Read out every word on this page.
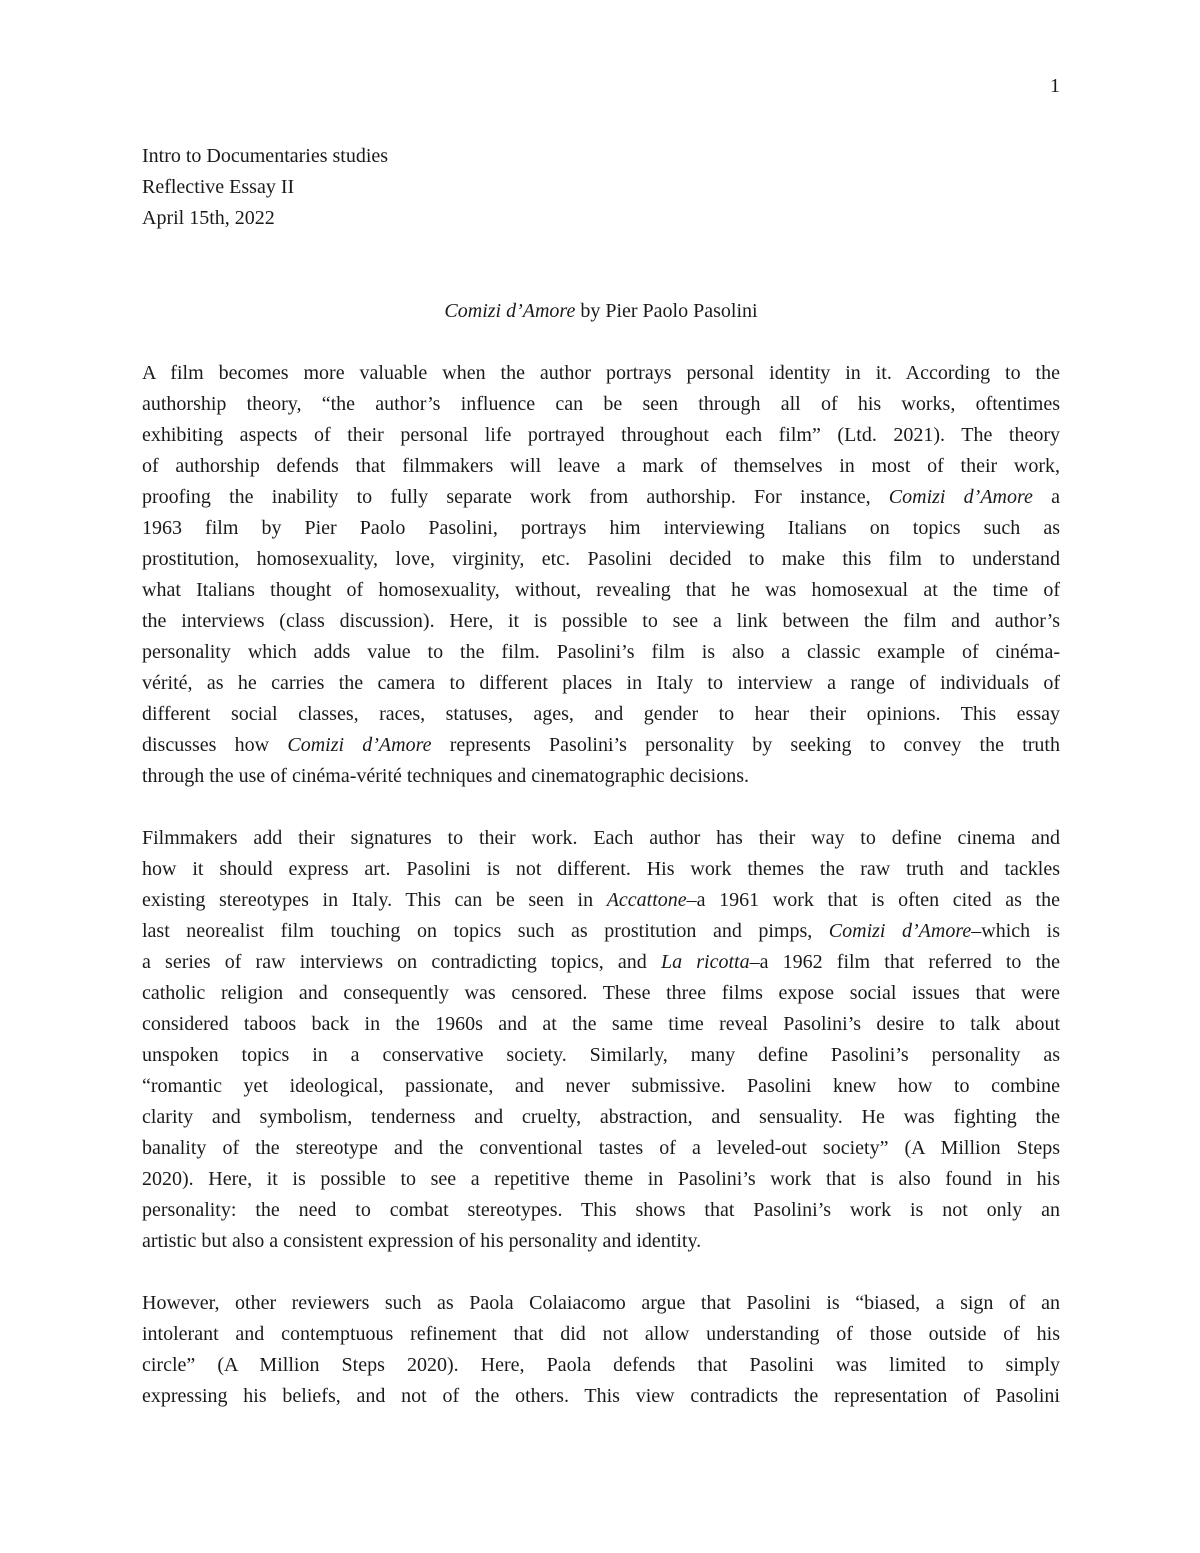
1
Intro to Documentaries studies
Reflective Essay II
April 15th, 2022
Comizi d’Amore by Pier Paolo Pasolini
A film becomes more valuable when the author portrays personal identity in it. According to the
authorship theory, “the author’s influence can be seen through all of his works, oftentimes
exhibiting aspects of their personal life portrayed throughout each film” (Ltd. 2021). The theory
of authorship defends that filmmakers will leave a mark of themselves in most of their work,
proofing the inability to fully separate work from authorship. For instance, Comizi d’Amore a
1963 film by Pier Paolo Pasolini, portrays him interviewing Italians on topics such as
prostitution, homosexuality, love, virginity, etc. Pasolini decided to make this film to understand
what Italians thought of homosexuality, without, revealing that he was homosexual at the time of
the interviews (class discussion). Here, it is possible to see a link between the film and author’s
personality which adds value to the film. Pasolini’s film is also a classic example of cinéma-
vérité, as he carries the camera to different places in Italy to interview a range of individuals of
different social classes, races, statuses, ages, and gender to hear their opinions. This essay
discusses how Comizi d’Amore represents Pasolini’s personality by seeking to convey the truth
through the use of cinéma-vérité techniques and cinematographic decisions.
Filmmakers add their signatures to their work. Each author has their way to define cinema and
how it should express art. Pasolini is not different. His work themes the raw truth and tackles
existing stereotypes in Italy. This can be seen in Accattone–a 1961 work that is often cited as the
last neorealist film touching on topics such as prostitution and pimps, Comizi d’Amore–which is
a series of raw interviews on contradicting topics, and La ricotta–a 1962 film that referred to the
catholic religion and consequently was censored. These three films expose social issues that were
considered taboos back in the 1960s and at the same time reveal Pasolini’s desire to talk about
unspoken topics in a conservative society. Similarly, many define Pasolini’s personality as
“romantic yet ideological, passionate, and never submissive. Pasolini knew how to combine
clarity and symbolism, tenderness and cruelty, abstraction, and sensuality. He was fighting the
banality of the stereotype and the conventional tastes of a leveled-out society” (A Million Steps
2020). Here, it is possible to see a repetitive theme in Pasolini’s work that is also found in his
personality: the need to combat stereotypes. This shows that Pasolini’s work is not only an
artistic but also a consistent expression of his personality and identity.
However, other reviewers such as Paola Colaiacomo argue that Pasolini is “biased, a sign of an
intolerant and contemptuous refinement that did not allow understanding of those outside of his
circle” (A Million Steps 2020). Here, Paola defends that Pasolini was limited to simply
expressing his beliefs, and not of the others. This view contradicts the representation of Pasolini
